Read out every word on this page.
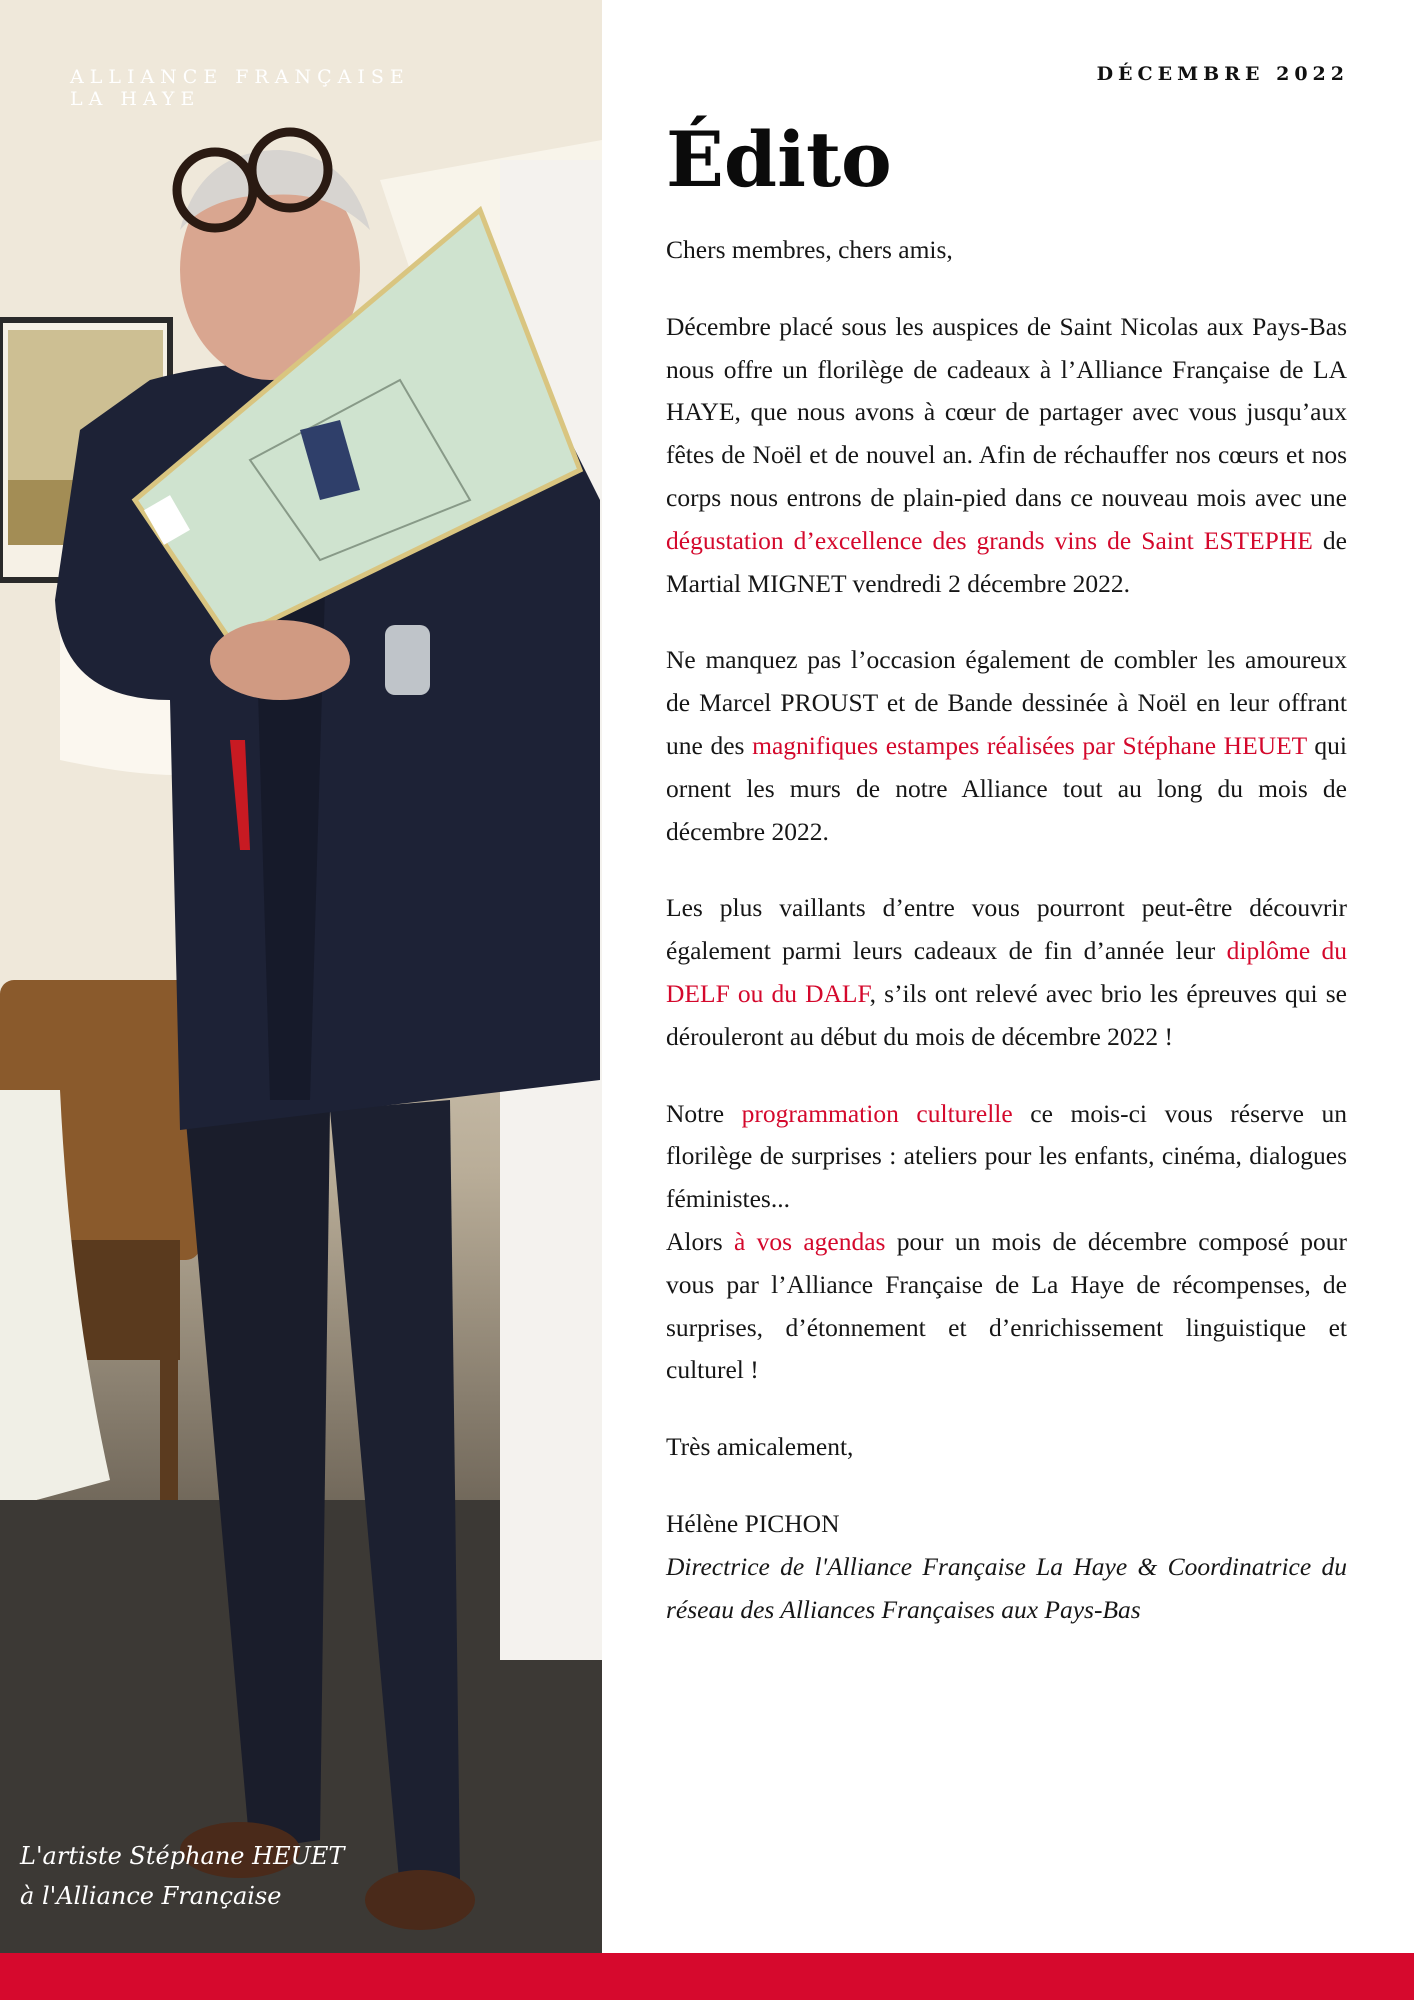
ALLIANCE FRANÇAISE
LA HAYE
L'artiste Stéphane HEUET
à l'Alliance Française
DÉCEMBRE 2022
Édito

Chers membres, chers amis,

Décembre placé sous les auspices de Saint Nicolas aux Pays-Bas nous offre un florilège de cadeaux à l’Alliance Française de LA HAYE, que nous avons à cœur de partager avec vous jusqu’aux fêtes de Noël et de nouvel an. Afin de réchauffer nos cœurs et nos corps nous entrons de plain-pied dans ce nouveau mois avec une dégustation d’excellence des grands vins de Saint ESTEPHE de Martial MIGNET vendredi 2 décembre 2022.

Ne manquez pas l’occasion également de combler les amoureux de Marcel PROUST et de Bande dessinée à Noël en leur offrant une des magnifiques estampes réalisées par Stéphane HEUET qui ornent les murs de notre Alliance tout au long du mois de décembre 2022.

Les plus vaillants d’entre vous pourront peut-être découvrir également parmi leurs cadeaux de fin d’année leur diplôme du DELF ou du DALF, s’ils ont relevé avec brio les épreuves qui se dérouleront au début du mois de décembre 2022 !

Notre programmation culturelle ce mois-ci vous réserve un florilège de surprises : ateliers pour les enfants, cinéma, dialogues féministes...

Alors à vos agendas pour un mois de décembre composé pour vous par l’Alliance Française de La Haye de récompenses, de surprises, d’étonnement et d’enrichissement linguistique et culturel !

Très amicalement,

Hélène PICHON

Directrice de l'Alliance Française La Haye & Coordinatrice du réseau des Alliances Françaises aux Pays-Bas
